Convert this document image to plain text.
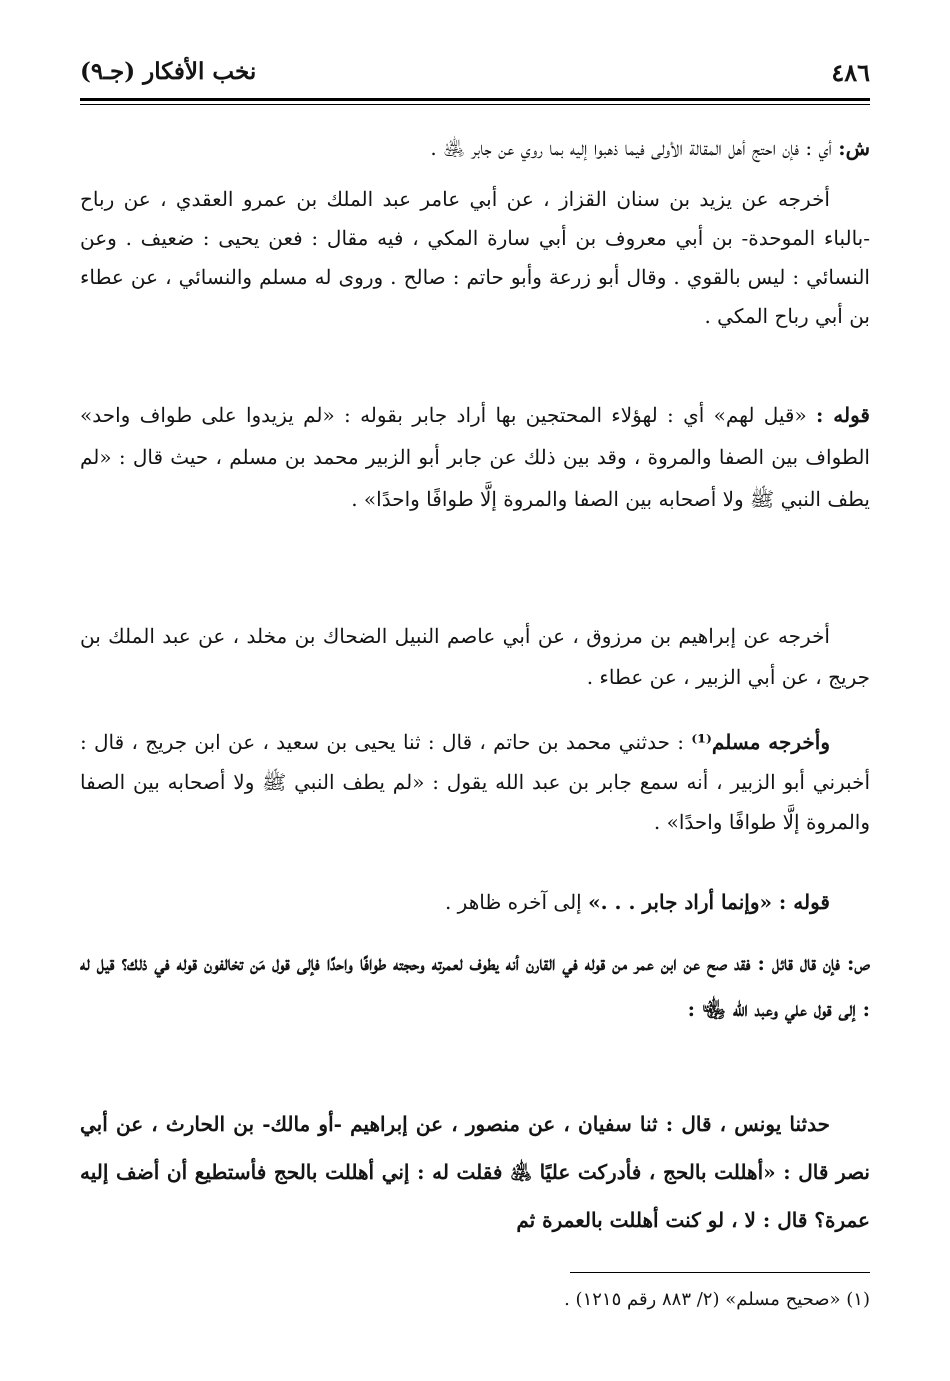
٤٨٦
نخب الأفكار (جـ٩)
ش: أي : فإن احتج أهل المقالة الأولى فيما ذهبوا إليه بما روي عن جابر ﵁ .
أخرجه عن يزيد بن سنان القزاز ، عن أبي عامر عبد الملك بن عمرو العقدي ، عن رباح -بالباء الموحدة- بن أبي معروف بن أبي سارة المكي ، فيه مقال : فعن يحيى : ضعيف . وعن النسائي : ليس بالقوي . وقال أبو زرعة وأبو حاتم : صالح . وروى له مسلم والنسائي ، عن عطاء بن أبي رباح المكي .
قوله : «قيل لهم» أي : لهؤلاء المحتجين بها أراد جابر بقوله : «لم يزيدوا على طواف واحد» الطواف بين الصفا والمروة ، وقد بين ذلك عن جابر أبو الزبير محمد بن مسلم ، حيث قال : «لم يطف النبي ﷺ ولا أصحابه بين الصفا والمروة إلَّا طوافًا واحدًا» .
أخرجه عن إبراهيم بن مرزوق ، عن أبي عاصم النبيل الضحاك بن مخلد ، عن عبد الملك بن جريج ، عن أبي الزبير ، عن عطاء .
وأخرجه مسلم⁽¹⁾ : حدثني محمد بن حاتم ، قال : ثنا يحيى بن سعيد ، عن ابن جريج ، قال : أخبرني أبو الزبير ، أنه سمع جابر بن عبد الله يقول : «لم يطف النبي ﷺ ولا أصحابه بين الصفا والمروة إلَّا طوافًا واحدًا» .
قوله : «وإنما أراد جابر . . .» إلى آخره ظاهر .
ص: فإن قال قائل : فقد صح عن ابن عمر من قوله في القارن أنه يطوف لعمرته وحجته طوافًا واحدًا فإلى قول مَن تخالفون قوله في ذلك؟ قيل له : إلى قول علي وعبد الله ﵄ :
حدثنا يونس ، قال : ثنا سفيان ، عن منصور ، عن إبراهيم -أو مالك- بن الحارث ، عن أبي نصر قال : «أهللت بالحج ، فأدركت عليًا ﵁ فقلت له : إني أهللت بالحج فأستطيع أن أضف إليه عمرة؟ قال : لا ، لو كنت أهللت بالعمرة ثم
(١) «صحيح مسلم» (٢/ ٨٨٣ رقم ١٢١٥) .
